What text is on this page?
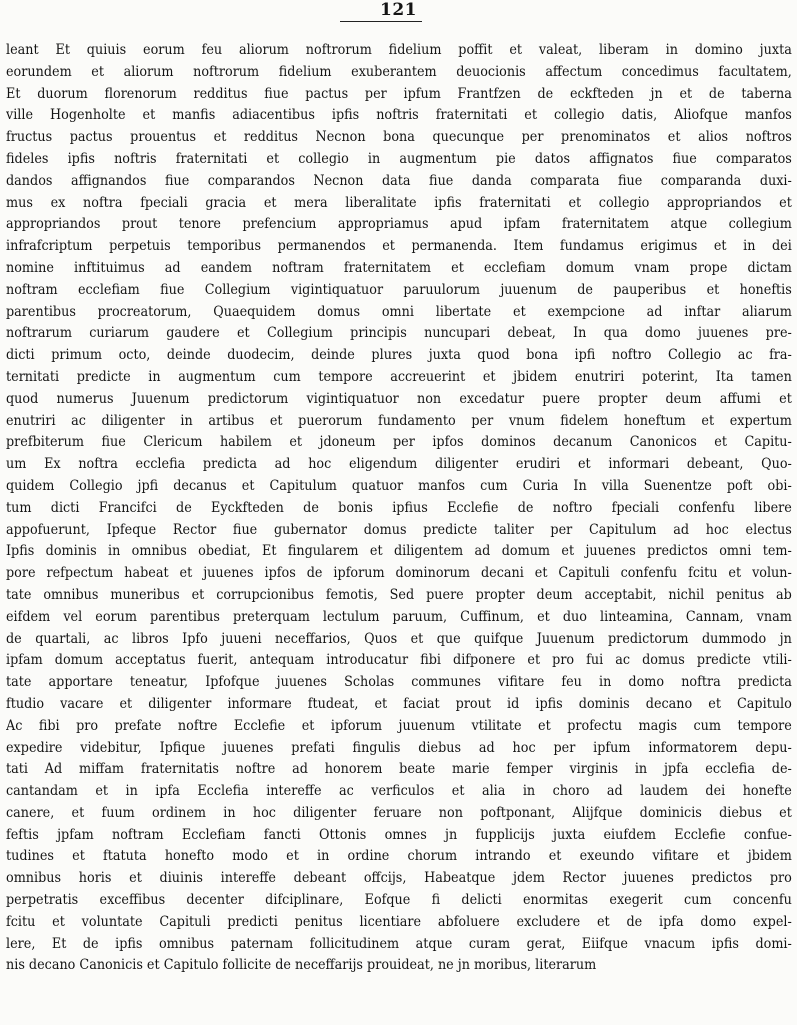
121
leant Et quiuis eorum feu aliorum noftrorum fidelium poffit et valeat, liberam in domino juxta
eorundem et aliorum noftrorum fidelium exuberantem deuocionis affectum concedimus facultatem,
Et duorum florenorum redditus fiue pactus per ipfum Frantfzen de eckfteden jn et de taberna
ville Hogenholte et manfis adiacentibus ipfis noftris fraternitati et collegio datis, Aliofque manfos
fructus pactus prouentus et redditus Necnon bona quecunque per prenominatos et alios noftros
fideles ipfis noftris fraternitati et collegio in augmentum pie datos affignatos fiue comparatos
dandos affignandos fiue comparandos Necnon data fiue danda comparata fiue comparanda duxi-
mus ex noftra fpeciali gracia et mera liberalitate ipfis fraternitati et collegio appropriandos et
appropriandos prout tenore prefencium appropriamus apud ipfam fraternitatem atque collegium
infrafcriptum perpetuis temporibus permanendos et permanenda. Item fundamus erigimus et in dei
nomine inftituimus ad eandem noftram fraternitatem et ecclefiam domum vnam prope dictam
noftram ecclefiam fiue Collegium vigintiquatuor paruulorum juuenum de pauperibus et honeftis
parentibus procreatorum, Quaequidem domus omni libertate et exempcione ad inftar aliarum
noftrarum curiarum gaudere et Collegium principis nuncupari debeat, In qua domo juuenes pre-
dicti primum octo, deinde duodecim, deinde plures juxta quod bona ipfi noftro Collegio ac fra-
ternitati predicte in augmentum cum tempore accreuerint et jbidem enutriri poterint, Ita tamen
quod numerus Juuenum predictorum vigintiquatuor non excedatur puere propter deum affumi et
enutriri ac diligenter in artibus et puerorum fundamento per vnum fidelem honeftum et expertum
prefbiterum fiue Clericum habilem et jdoneum per ipfos dominos decanum Canonicos et Capitu-
um Ex noftra ecclefia predicta ad hoc eligendum diligenter erudiri et informari debeant, Quo-
quidem Collegio jpfi decanus et Capitulum quatuor manfos cum Curia In villa Suenentze poft obi-
tum dicti Francifci de Eyckfteden de bonis ipfius Ecclefie de noftro fpeciali confenfu libere
appofuerunt, Ipfeque Rector fiue gubernator domus predicte taliter per Capitulum ad hoc electus
Ipfis dominis in omnibus obediat, Et fingularem et diligentem ad domum et juuenes predictos omni tem-
pore refpectum habeat et juuenes ipfos de ipforum dominorum decani et Capituli confenfu fcitu et volun-
tate omnibus muneribus et corrupcionibus femotis, Sed puere propter deum acceptabit, nichil penitus ab
eifdem vel eorum parentibus preterquam lectulum paruum, Cuffinum, et duo linteamina, Cannam, vnam
de quartali, ac libros Ipfo juueni neceffarios, Quos et que quifque Juuenum predictorum dummodo jn
ipfam domum acceptatus fuerit, antequam introducatur fibi difponere et pro fui ac domus predicte vtili-
tate apportare teneatur, Ipfofque juuenes Scholas communes vifitare feu in domo noftra predicta
ftudio vacare et diligenter informare ftudeat, et faciat prout id ipfis dominis decano et Capitulo
Ac fibi pro prefate noftre Ecclefie et ipforum juuenum vtilitate et profectu magis cum tempore
expedire videbitur, Ipfique juuenes prefati fingulis diebus ad hoc per ipfum informatorem depu-
tati Ad miffam fraternitatis noftre ad honorem beate marie femper virginis in jpfa ecclefia de-
cantandam et in ipfa Ecclefia intereffe ac verficulos et alia in choro ad laudem dei honefte
canere, et fuum ordinem in hoc diligenter feruare non poftponant, Alijfque dominicis diebus et
feftis jpfam noftram Ecclefiam fancti Ottonis omnes jn fupplicijs juxta eiufdem Ecclefie confue-
tudines et ftatuta honefto modo et in ordine chorum intrando et exeundo vifitare et jbidem
omnibus horis et diuinis intereffe debeant offcijs, Habeatque jdem Rector juuenes predictos pro
perpetratis exceffibus decenter difciplinare, Eofque fi delicti enormitas exegerit cum concenfu
fcitu et voluntate Capituli predicti penitus licentiare abfoluere excludere et de ipfa domo expel-
lere, Et de ipfis omnibus paternam follicitudinem atque curam gerat, Eiifque vnacum ipfis domi-
nis decano Canonicis et Capitulo follicite de neceffarijs prouideat, ne jn moribus, literarum
